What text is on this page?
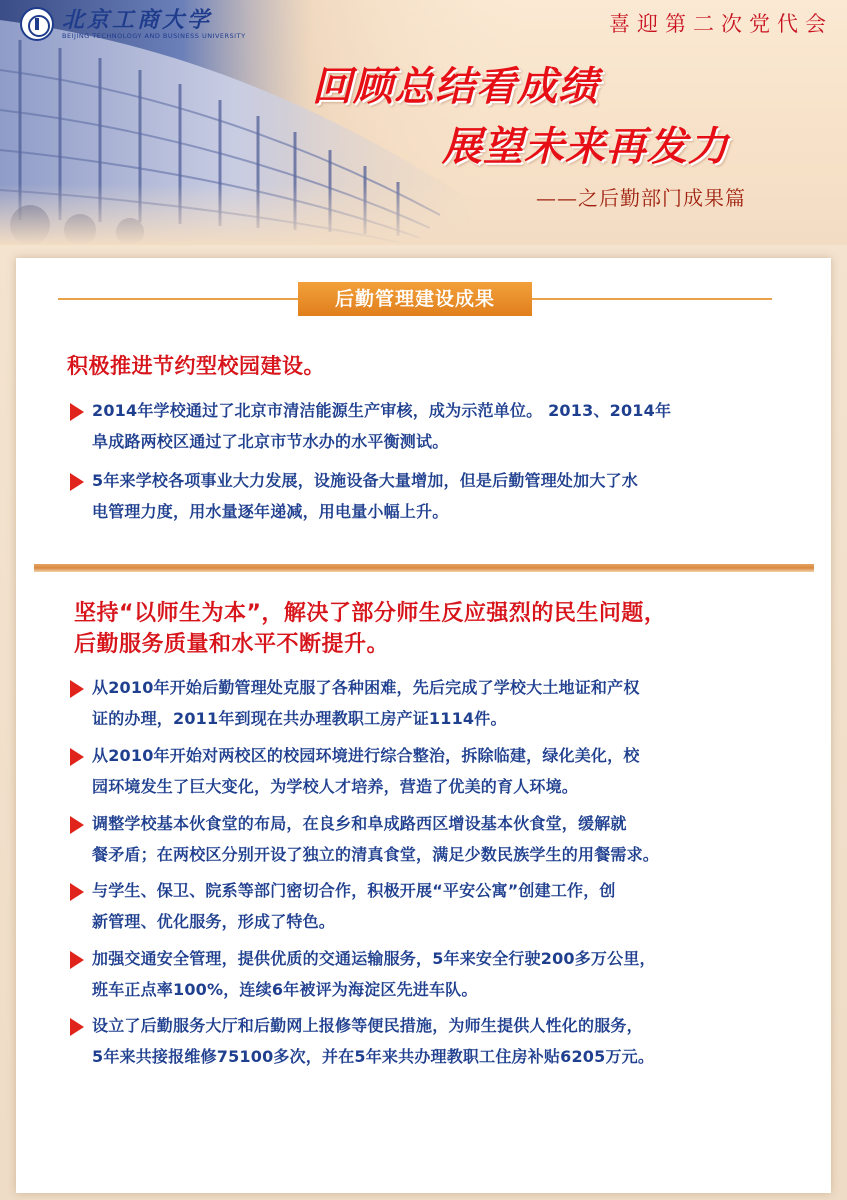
北京工商大学
BEIJING TECHNOLOGY AND BUSINESS UNIVERSITY	喜迎第二次党代会
回顾总结看成绩
展望未来再发力
——之后勤部门成果篇
后勤管理建设成果
积极推进节约型校园建设。
2014年学校通过了北京市清洁能源生产审核，成为示范单位。 2013、2014年
阜成路两校区通过了北京市节水办的水平衡测试。
5年来学校各项事业大力发展，设施设备大量增加，但是后勤管理处加大了水
电管理力度，用水量逐年递减，用电量小幅上升。
坚持“以师生为本”，解决了部分师生反应强烈的民生问题，
后勤服务质量和水平不断提升。
从2010年开始后勤管理处克服了各种困难，先后完成了学校大土地证和产权
证的办理，2011年到现在共办理教职工房产证1114件。
从2010年开始对两校区的校园环境进行综合整治，拆除临建，绿化美化，校
园环境发生了巨大变化，为学校人才培养，营造了优美的育人环境。
调整学校基本伙食堂的布局，在良乡和阜成路西区增设基本伙食堂，缓解就
餐矛盾；在两校区分别开设了独立的清真食堂，满足少数民族学生的用餐需求。
与学生、保卫、院系等部门密切合作，积极开展“平安公寓”创建工作，创
新管理、优化服务，形成了特色。
加强交通安全管理，提供优质的交通运输服务，5年来安全行驶200多万公里，
班车正点率100%，连续6年被评为海淀区先进车队。
设立了后勤服务大厅和后勤网上报修等便民措施，为师生提供人性化的服务，
5年来共接报维修75100多次，并在5年来共办理教职工住房补贴6205万元。
